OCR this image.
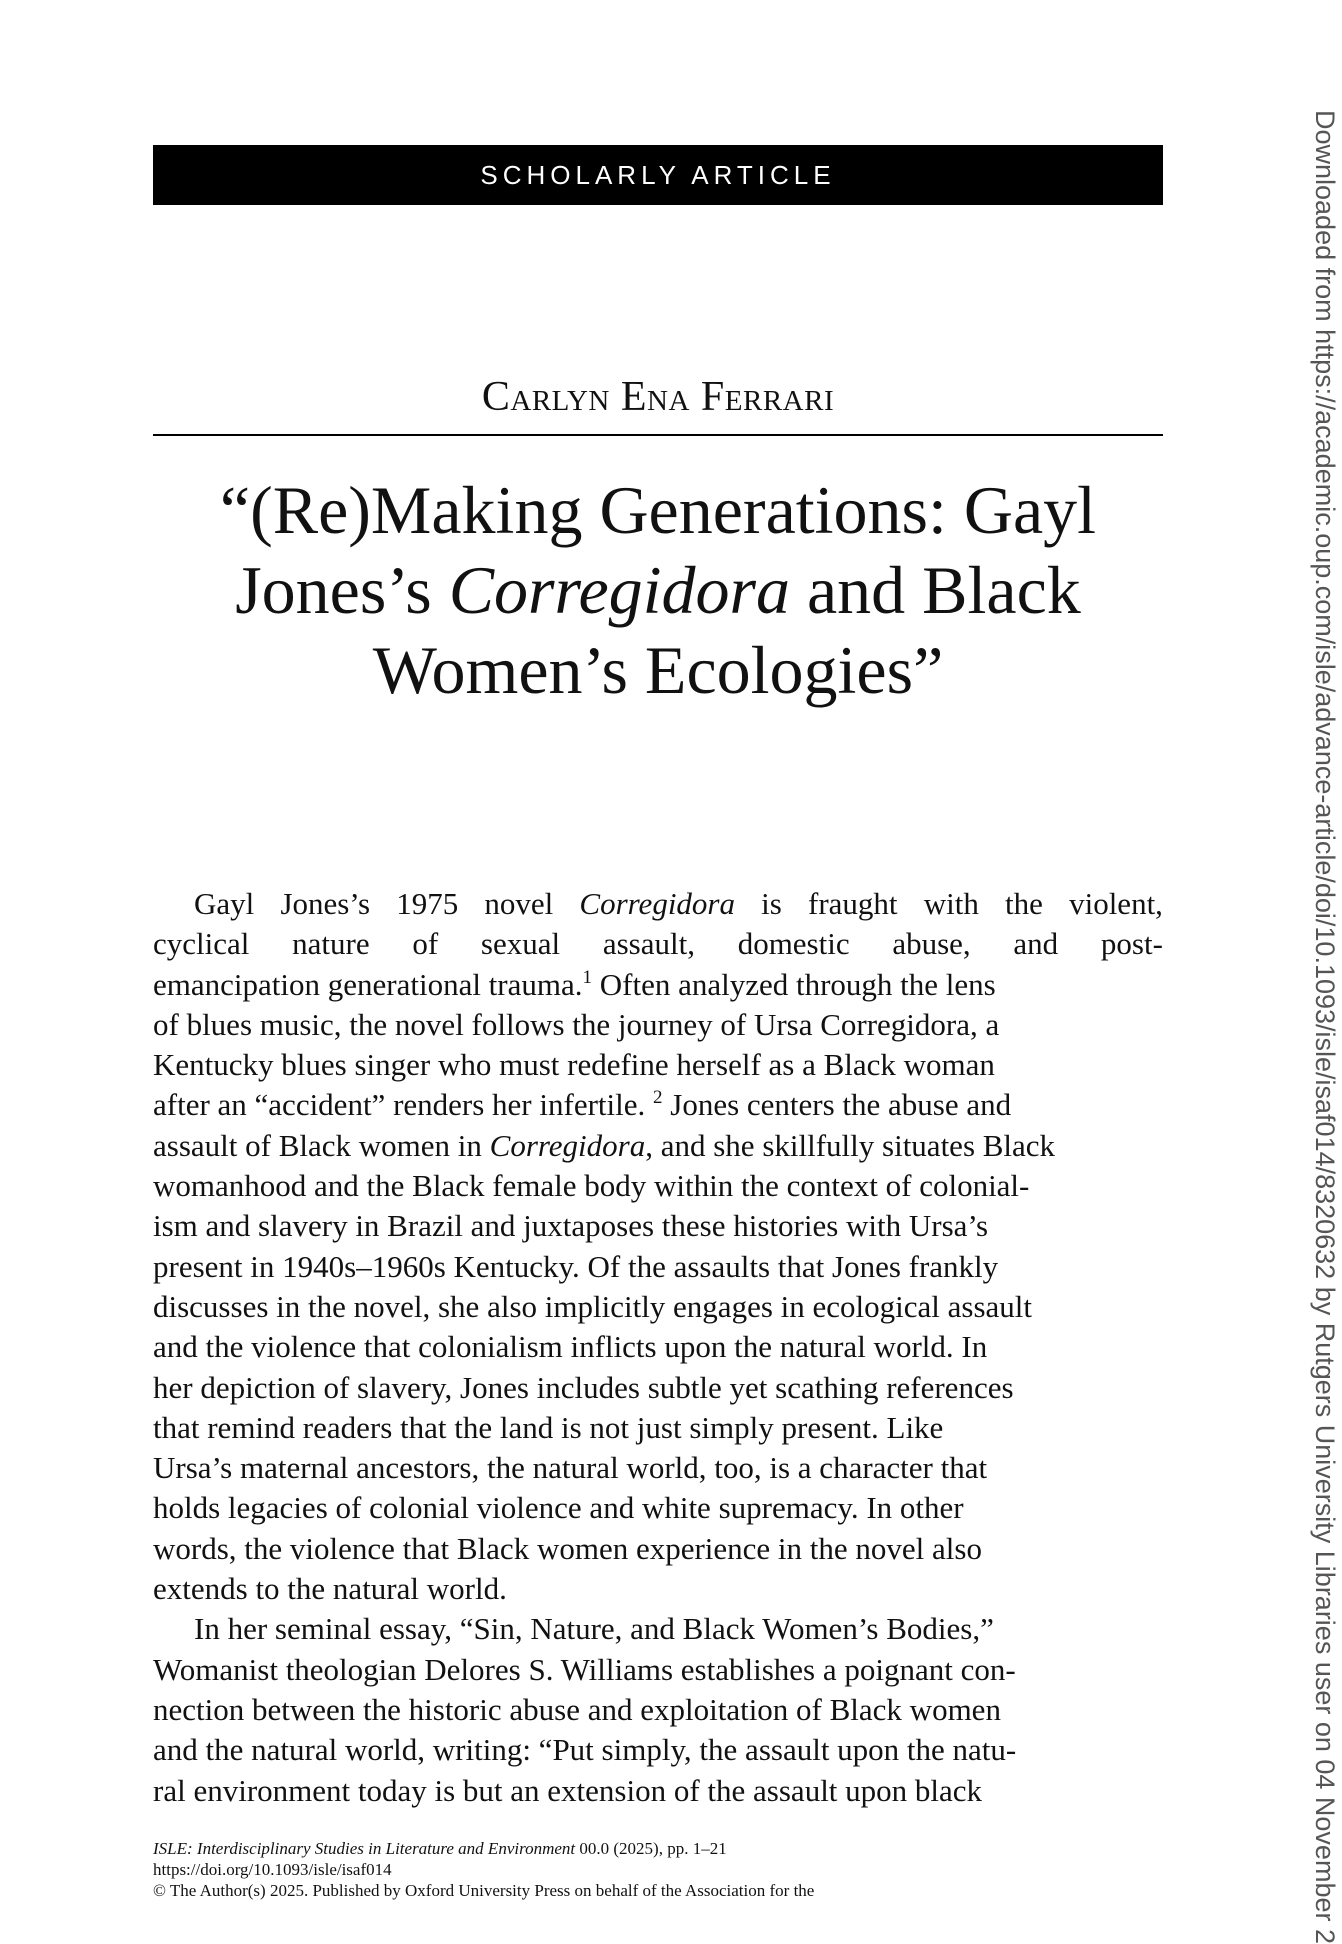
SCHOLARLY ARTICLE
Carlyn Ena Ferrari
“(Re)Making Generations: Gayl
Jones’s Corregidora and Black
Women’s Ecologies”
Gayl Jones’s 1975 novel Corregidora is fraught with the violent,
cyclical nature of sexual assault, domestic abuse, and post-
emancipation generational trauma.$^1$ Often analyzed through the lens
of blues music, the novel follows the journey of Ursa Corregidora, a
Kentucky blues singer who must redefine herself as a Black woman
after an “accident” renders her infertile. $^2$ Jones centers the abuse and
assault of Black women in Corregidora, and she skillfully situates Black
womanhood and the Black female body within the context of colonial-
ism and slavery in Brazil and juxtaposes these histories with Ursa’s
present in 1940s–1960s Kentucky. Of the assaults that Jones frankly
discusses in the novel, she also implicitly engages in ecological assault
and the violence that colonialism inflicts upon the natural world. In
her depiction of slavery, Jones includes subtle yet scathing references
that remind readers that the land is not just simply present. Like
Ursa’s maternal ancestors, the natural world, too, is a character that
holds legacies of colonial violence and white supremacy. In other
words, the violence that Black women experience in the novel also
extends to the natural world.
In her seminal essay, “Sin, Nature, and Black Women’s Bodies,”
Womanist theologian Delores S. Williams establishes a poignant con-
nection between the historic abuse and exploitation of Black women
and the natural world, writing: “Put simply, the assault upon the natu-
ral environment today is but an extension of the assault upon black
ISLE: Interdisciplinary Studies in Literature and Environment 00.0 (2025), pp. 1–21
https://doi.org/10.1093/isle/isaf014
© The Author(s) 2025. Published by Oxford University Press on behalf of the Association for the	Downloaded from https://academic.oup.com/isle/advance-article/doi/10.1093/isle/isaf014/8320632 by Rutgers University Libraries user on 04 November 2
